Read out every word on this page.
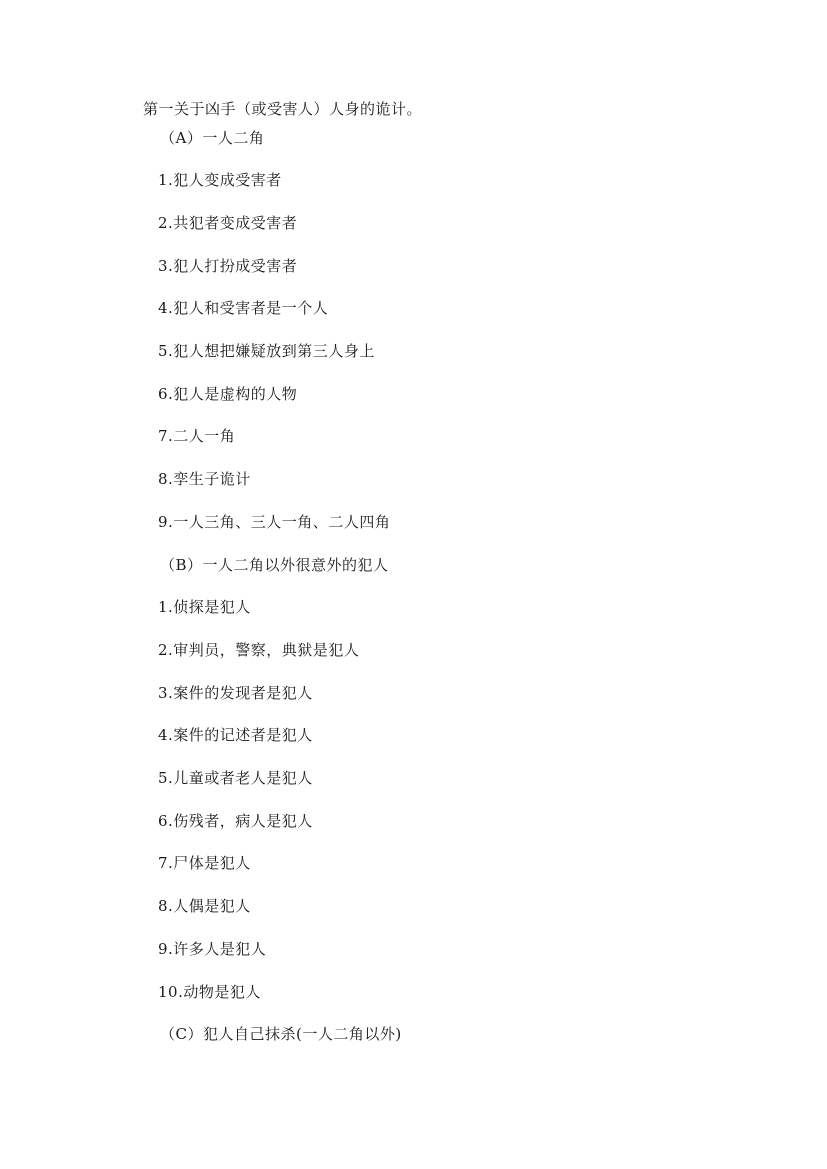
第一关于凶手（或受害人）人身的诡计。
（A）一人二角
1.犯人变成受害者
2.共犯者变成受害者
3.犯人打扮成受害者
4.犯人和受害者是一个人
5.犯人想把嫌疑放到第三人身上
6.犯人是虚构的人物
7.二人一角
8.孪生子诡计
9.一人三角、三人一角、二人四角
（B）一人二角以外很意外的犯人
1.侦探是犯人
2.审判员，警察，典狱是犯人
3.案件的发现者是犯人
4.案件的记述者是犯人
5.儿童或者老人是犯人
6.伤残者，病人是犯人
7.尸体是犯人
8.人偶是犯人
9.许多人是犯人
10.动物是犯人
（C）犯人自己抹杀(一人二角以外)
